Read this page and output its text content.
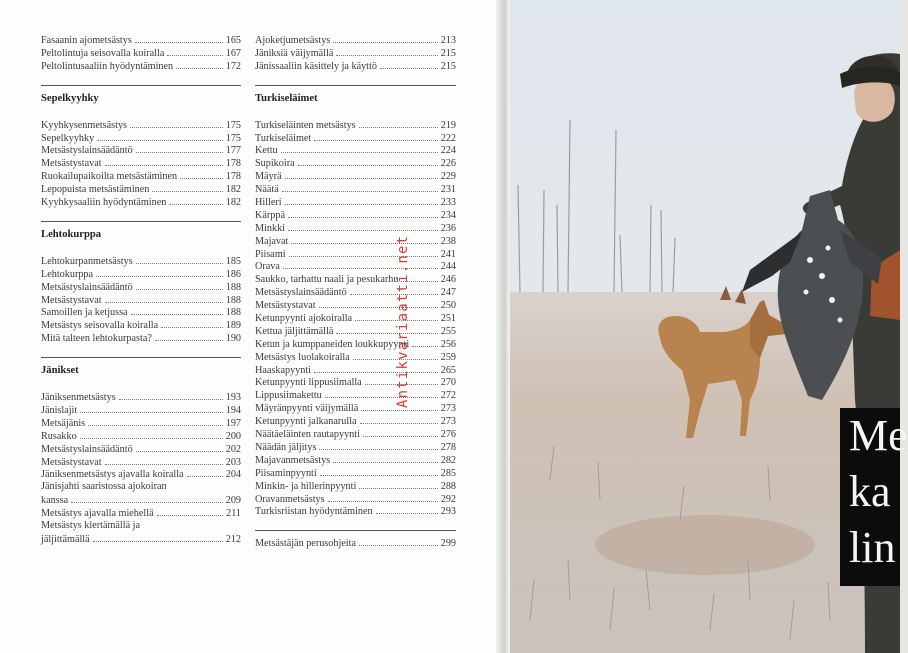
Fasaanin ajometsästys	165
Peltolintuja seisovalla koiralla	167
Peltolintusaaliin hyödyntäminen	172
Sepelkyyhky
Kyyhkysenmetsästys	175
Sepelkyyhky	175
Metsästyslainsäädäntö	177
Metsästystavat	178
Ruokailupaikoilta metsästäminen	178
Lepopuista metsästäminen	182
Kyyhkysaaliin hyödyntäminen	182
Lehtokurppa
Lehtokurpanmetsästys	185
Lehtokurppa	186
Metsästyslainsäädäntö	188
Metsästystavat	188
Samoillen ja ketjussa	188
Metsästys seisovalla koiralla	189
Mitä talteen lehtokurpasta?	190
Jänikset
Jäniksenmetsästys	193
Jänislajit	194
Metsäjänis	197
Rusakko	200
Metsästyslainsäädäntö	202
Metsästystavat	203
Jäniksenmetsästys ajavalla koiralla	204
Jänisjahti saaristossa ajokoiran
kanssa	209
Metsästys ajavalla miehellä	211
Metsästys kiertämällä ja
jäljittämällä	212
Ajoketjumetsästys	213
Jäniksiä väijymällä	215
Jänissaaliin käsittely ja käyttö	215
Turkiseläimet
Turkiseläinten metsästys	219
Turkiseläimet	222
Kettu	224
Supikoira	226
Mäyrä	229
Näätä	231
Hilleri	233
Kärppä	234
Minkki	236
Majavat	238
Piisami	241
Orava	244
Saukko, tarhattu naali ja pesukarhu	246
Metsästyslainsäädäntö	247
Metsästystavat	250
Ketunpyynti ajokoiralla	251
Kettua jäljittämällä	255
Ketun ja kumppaneiden loukkupyynti	256
Metsästys luolakoiralla	259
Haaskapyynti	265
Ketunpyynti lippusiimalla	270
Lippusiimakettu	272
Mäyränpyynti väijymällä	273
Ketunpyynti jalkanarulla	273
Näätäeläinten rautapyynti	276
Näädän jäljitys	278
Majavanmetsästys	282
Piisaminpyynti	285
Minkin- ja hillerinpyynti	288
Oravanmetsästys	292
Turkisriistan hyödyntäminen	293
Metsästäjän perusohjeita	299
Antikvariaatti.net
Me
ka
lin
